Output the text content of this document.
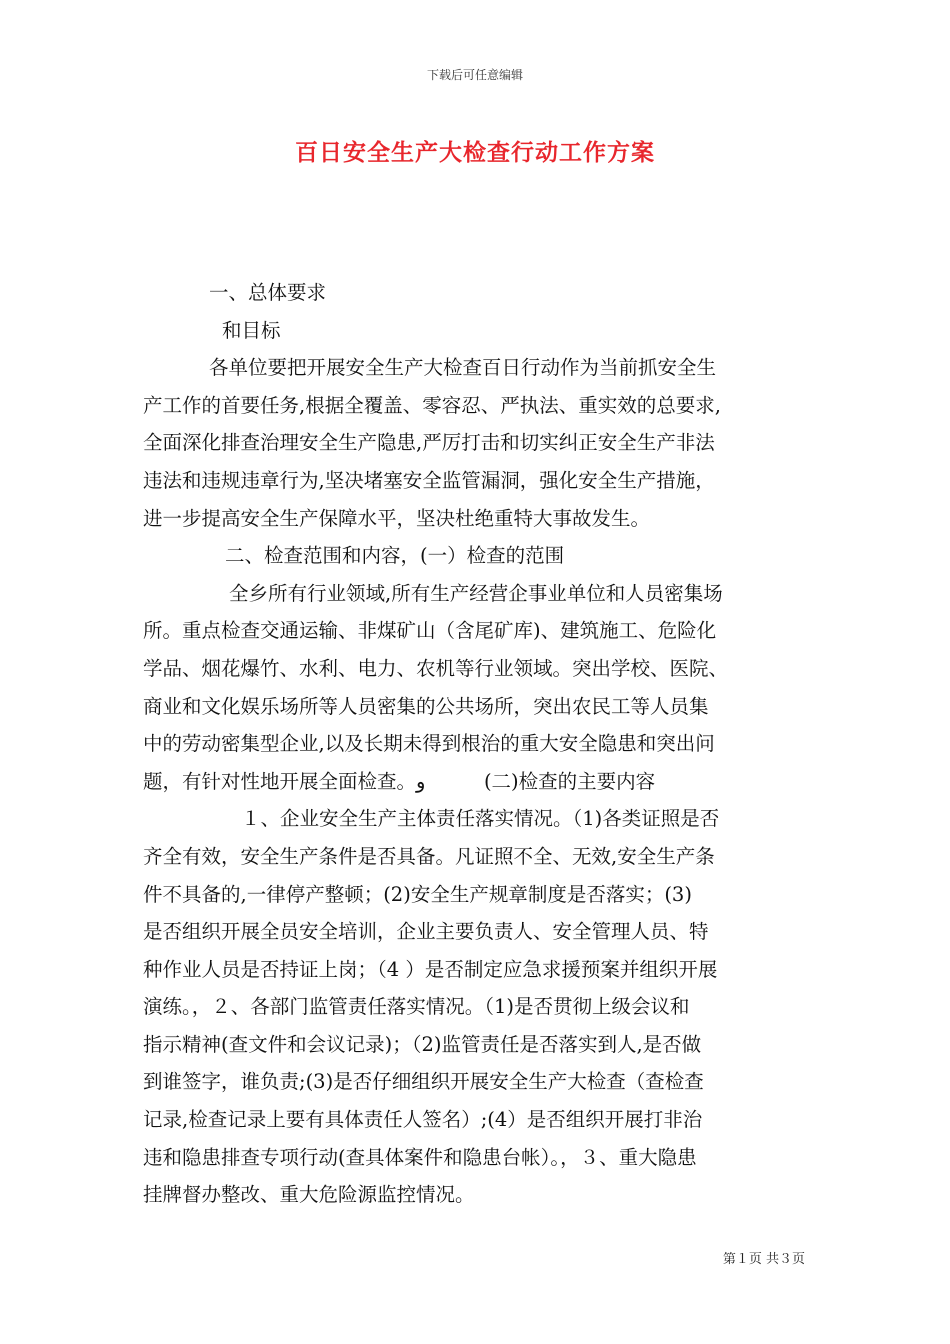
下载后可任意编辑
百日安全生产大检查行动工作方案
一、总体要求
和目标
各单位要把开展安全生产大检查百日行动作为当前抓安全生
产工作的首要任务,根据全覆盖、零容忍、严执法、重实效的总要求,
全面深化排查治理安全生产隐患,严厉打击和切实纠正安全生产非法
违法和违规违章行为,坚决堵塞安全监管漏洞，强化安全生产措施，
进一步提高安全生产保障水平，坚决杜绝重特大事故发生。
二、检查范围和内容，(一）检查的范围
全乡所有行业领域,所有生产经营企事业单位和人员密集场
所。重点检查交通运输、非煤矿山（含尾矿库)、建筑施工、危险化
学品、烟花爆竹、水利、电力、农机等行业领域。突出学校、医院、
商业和文化娱乐场所等人员密集的公共场所，突出农民工等人员集
中的劳动密集型企业,以及长期未得到根治的重大安全隐患和突出问
题，有针对性地开展全面检查。و　　　(二)检查的主要内容
１、企业安全生产主体责任落实情况。（1)各类证照是否
齐全有效，安全生产条件是否具备。凡证照不全、无效,安全生产条
件不具备的,一律停产整顿；(2)安全生产规章制度是否落实；(3)
是否组织开展全员安全培训，企业主要负责人、安全管理人员、特
种作业人员是否持证上岗；（4 ）是否制定应急求援预案并组织开展
演练。，２、各部门监管责任落实情况。（1)是否贯彻上级会议和
指示精神(查文件和会议记录)；（2)监管责任是否落实到人,是否做
到谁签字，谁负责;(3)是否仔细组织开展安全生产大检查（查检查
记录,检查记录上要有具体责任人签名）;(4）是否组织开展打非治
违和隐患排查专项行动(查具体案件和隐患台帐）。，３、重大隐患
挂牌督办整改、重大危险源监控情况。
第１页 共３页
